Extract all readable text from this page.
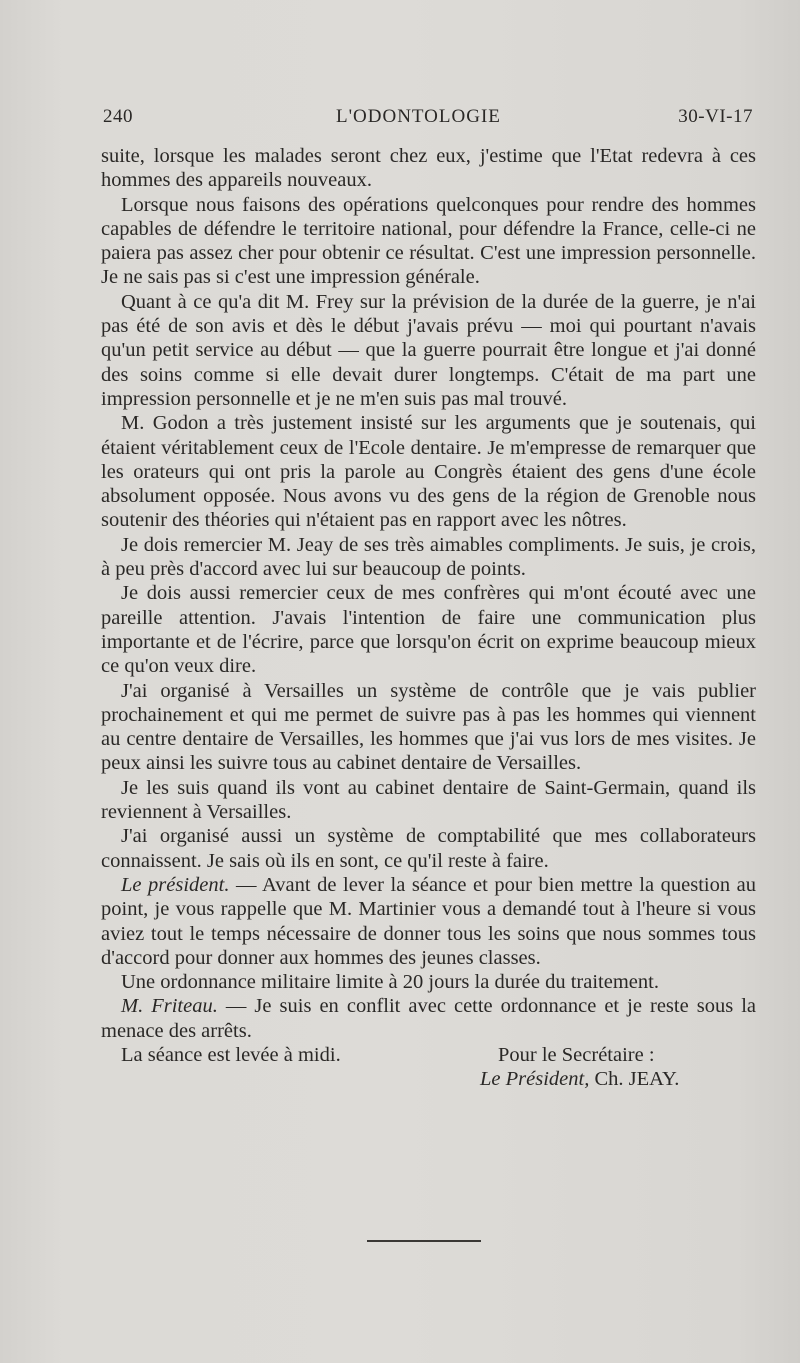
240	L'ODONTOLOGIE	30-VI-17

suite, lorsque les malades seront chez eux, j'estime que l'Etat redevra à ces hommes des appareils nouveaux.

Lorsque nous faisons des opérations quelconques pour rendre des hommes capables de défendre le territoire national, pour défendre la France, celle-ci ne paiera pas assez cher pour obtenir ce résultat. C'est une impression personnelle. Je ne sais pas si c'est une impression générale.

Quant à ce qu'a dit M. Frey sur la prévision de la durée de la guerre, je n'ai pas été de son avis et dès le début j'avais prévu — moi qui pourtant n'avais qu'un petit service au début — que la guerre pourrait être longue et j'ai donné des soins comme si elle devait durer longtemps. C'était de ma part une impression personnelle et je ne m'en suis pas mal trouvé.

M. Godon a très justement insisté sur les arguments que je soutenais, qui étaient véritablement ceux de l'Ecole dentaire. Je m'empresse de remarquer que les orateurs qui ont pris la parole au Congrès étaient des gens d'une école absolument opposée. Nous avons vu des gens de la région de Grenoble nous soutenir des théories qui n'étaient pas en rapport avec les nôtres.

Je dois remercier M. Jeay de ses très aimables compliments. Je suis, je crois, à peu près d'accord avec lui sur beaucoup de points.

Je dois aussi remercier ceux de mes confrères qui m'ont écouté avec une pareille attention. J'avais l'intention de faire une communication plus importante et de l'écrire, parce que lorsqu'on écrit on exprime beaucoup mieux ce qu'on veux dire.

J'ai organisé à Versailles un système de contrôle que je vais publier prochainement et qui me permet de suivre pas à pas les hommes qui viennent au centre dentaire de Versailles, les hommes que j'ai vus lors de mes visites. Je peux ainsi les suivre tous au cabinet dentaire de Versailles.

Je les suis quand ils vont au cabinet dentaire de Saint-Germain, quand ils reviennent à Versailles.

J'ai organisé aussi un système de comptabilité que mes collaborateurs connaissent. Je sais où ils en sont, ce qu'il reste à faire.

Le président. — Avant de lever la séance et pour bien mettre la question au point, je vous rappelle que M. Martinier vous a demandé tout à l'heure si vous aviez tout le temps nécessaire de donner tous les soins que nous sommes tous d'accord pour donner aux hommes des jeunes classes.

Une ordonnance militaire limite à 20 jours la durée du traitement.

M. Friteau. — Je suis en conflit avec cette ordonnance et je reste sous la menace des arrêts.

La séance est levée à midi.	Pour le Secrétaire :
Le Président, Ch. JEAY.
